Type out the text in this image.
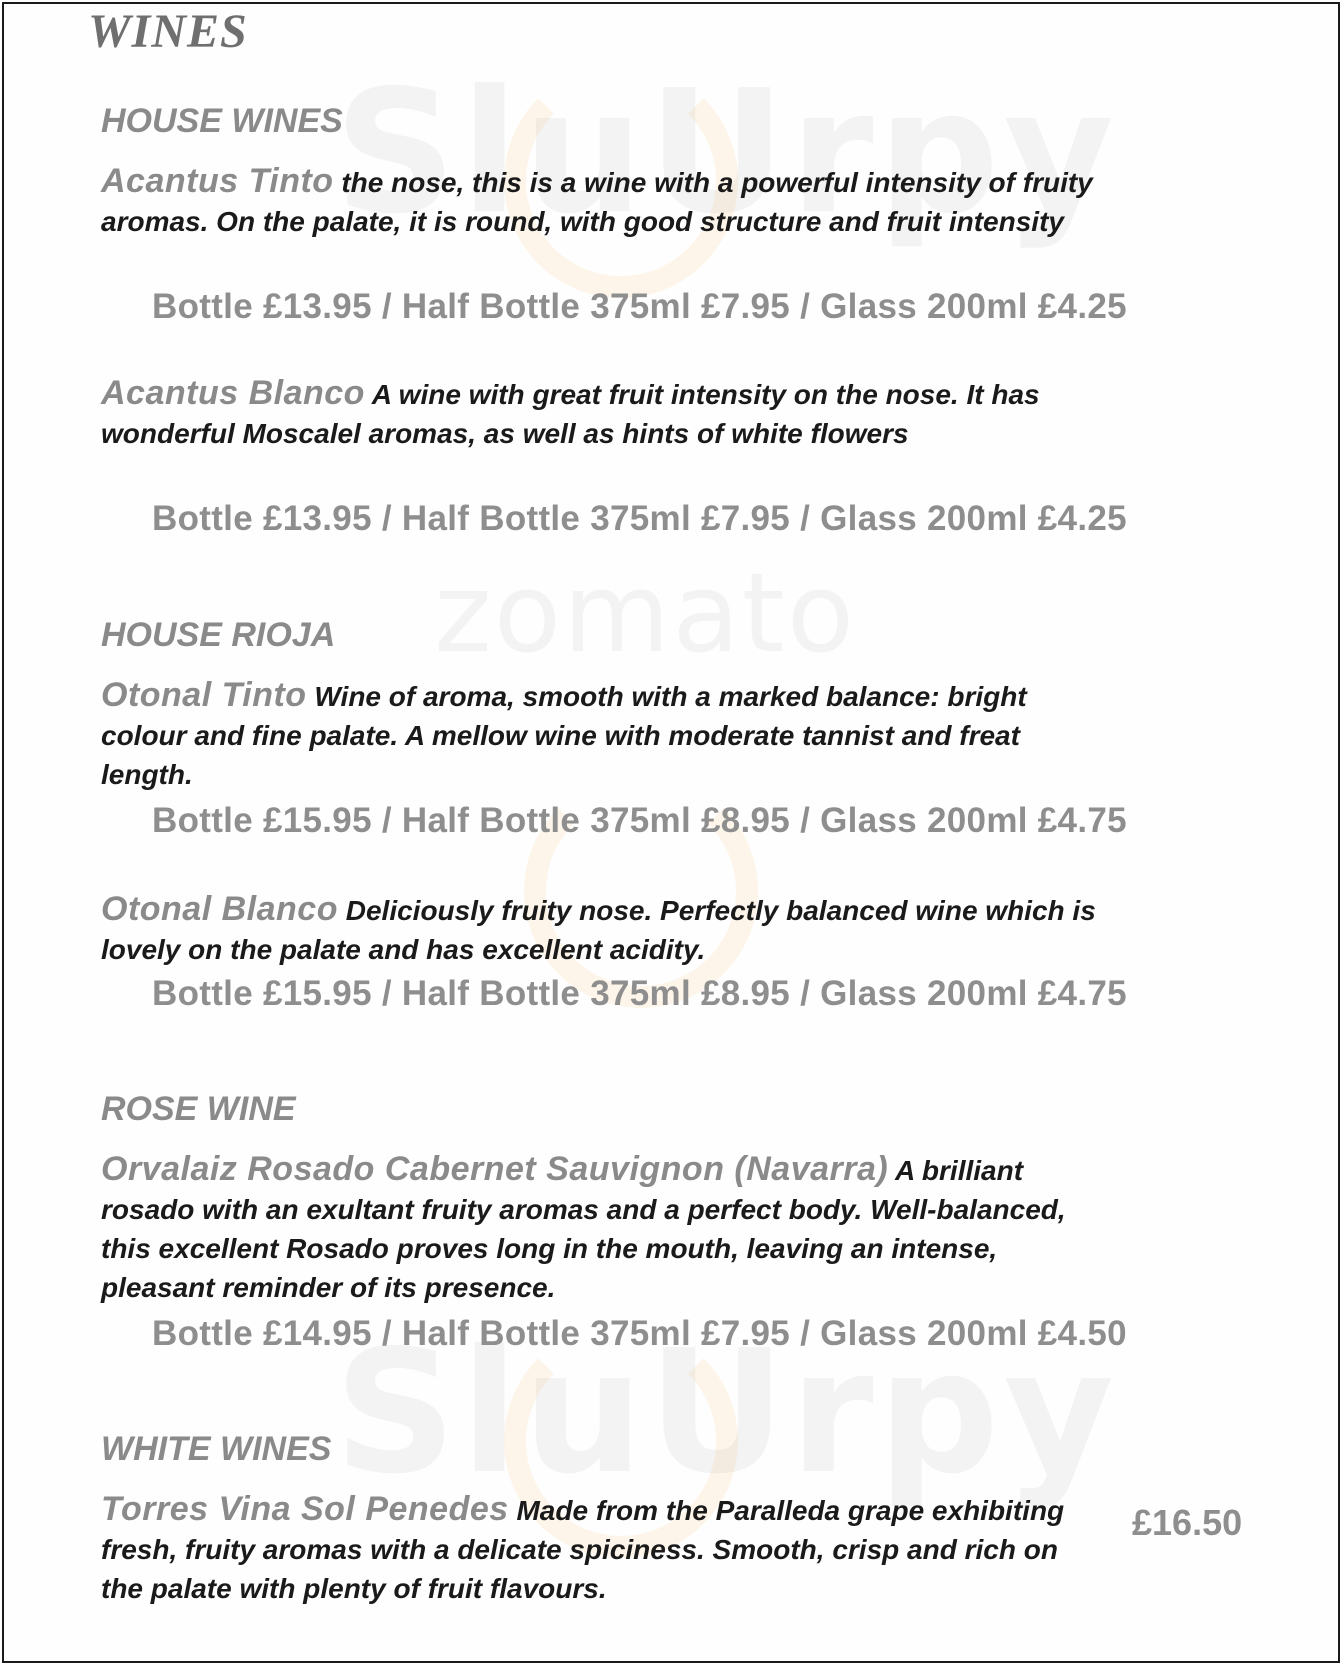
WINES
HOUSE WINES

Acantus Tinto the nose, this is a wine with a powerful intensity of fruity aromas. On the palate, it is round, with good structure and fruit intensity

Bottle £13.95 / Half Bottle 375ml £7.95 / Glass 200ml £4.25

Acantus Blanco A wine with great fruit intensity on the nose. It has wonderful Moscalel aromas, as well as hints of white flowers

Bottle £13.95 / Half Bottle 375ml £7.95 / Glass 200ml £4.25

HOUSE RIOJA

Otonal Tinto Wine of aroma, smooth with a marked balance: bright colour and fine palate. A mellow wine with moderate tannist and freat length.

Bottle £15.95 / Half Bottle 375ml £8.95 / Glass 200ml £4.75

Otonal Blanco Deliciously fruity nose. Perfectly balanced wine which is lovely on the palate and has excellent acidity.

Bottle £15.95 / Half Bottle 375ml £8.95 / Glass 200ml £4.75

ROSE WINE

Orvalaiz Rosado Cabernet Sauvignon (Navarra) A brilliant rosado with an exultant fruity aromas and a perfect body. Well-balanced, this excellent Rosado proves long in the mouth, leaving an intense, pleasant reminder of its presence.

Bottle £14.95 / Half Bottle 375ml £7.95 / Glass 200ml £4.50

WHITE WINES

Torres Vina Sol Penedes Made from the Paralleda grape exhibiting fresh, fruity aromas with a delicate spiciness. Smooth, crisp and rich on the palate with plenty of fruit flavours.

£16.50
